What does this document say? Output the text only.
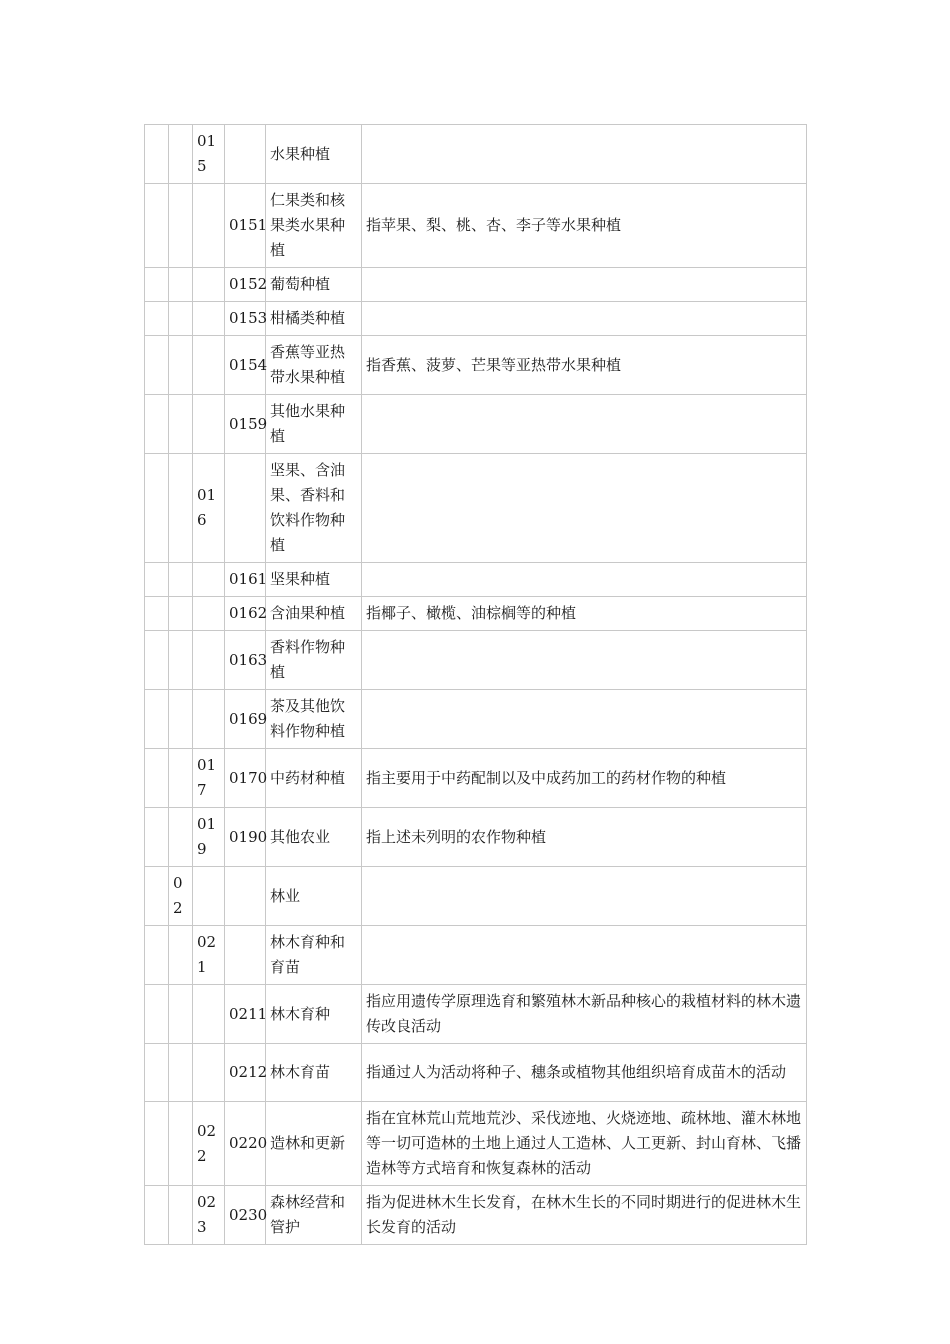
		015		水果种植	
			0151	仁果类和核果类水果种植	指苹果、梨、桃、杏、李子等水果种植
			0152	葡萄种植	
			0153	柑橘类种植	
			0154	香蕉等亚热带水果种植	指香蕉、菠萝、芒果等亚热带水果种植
			0159	其他水果种植	
		016		坚果、含油果、香料和饮料作物种植	
			0161	坚果种植	
			0162	含油果种植	指椰子、橄榄、油棕榈等的种植
			0163	香料作物种植	
			0169	茶及其他饮料作物种植	
		017	0170	中药材种植	指主要用于中药配制以及中成药加工的药材作物的种植
		019	0190	其他农业	指上述未列明的农作物种植
	02			林业	
		021		林木育种和育苗	
			0211	林木育种	指应用遗传学原理选育和繁殖林木新品种核心的栽植材料的林木遗传改良活动
			0212	林木育苗	指通过人为活动将种子、穗条或植物其他组织培育成苗木的活动
		022	0220	造林和更新	指在宜林荒山荒地荒沙、采伐迹地、火烧迹地、疏林地、灌木林地等一切可造林的土地上通过人工造林、人工更新、封山育林、飞播造林等方式培育和恢复森林的活动
		023	0230	森林经营和管护	指为促进林木生长发育，在林木生长的不同时期进行的促进林木生长发育的活动
